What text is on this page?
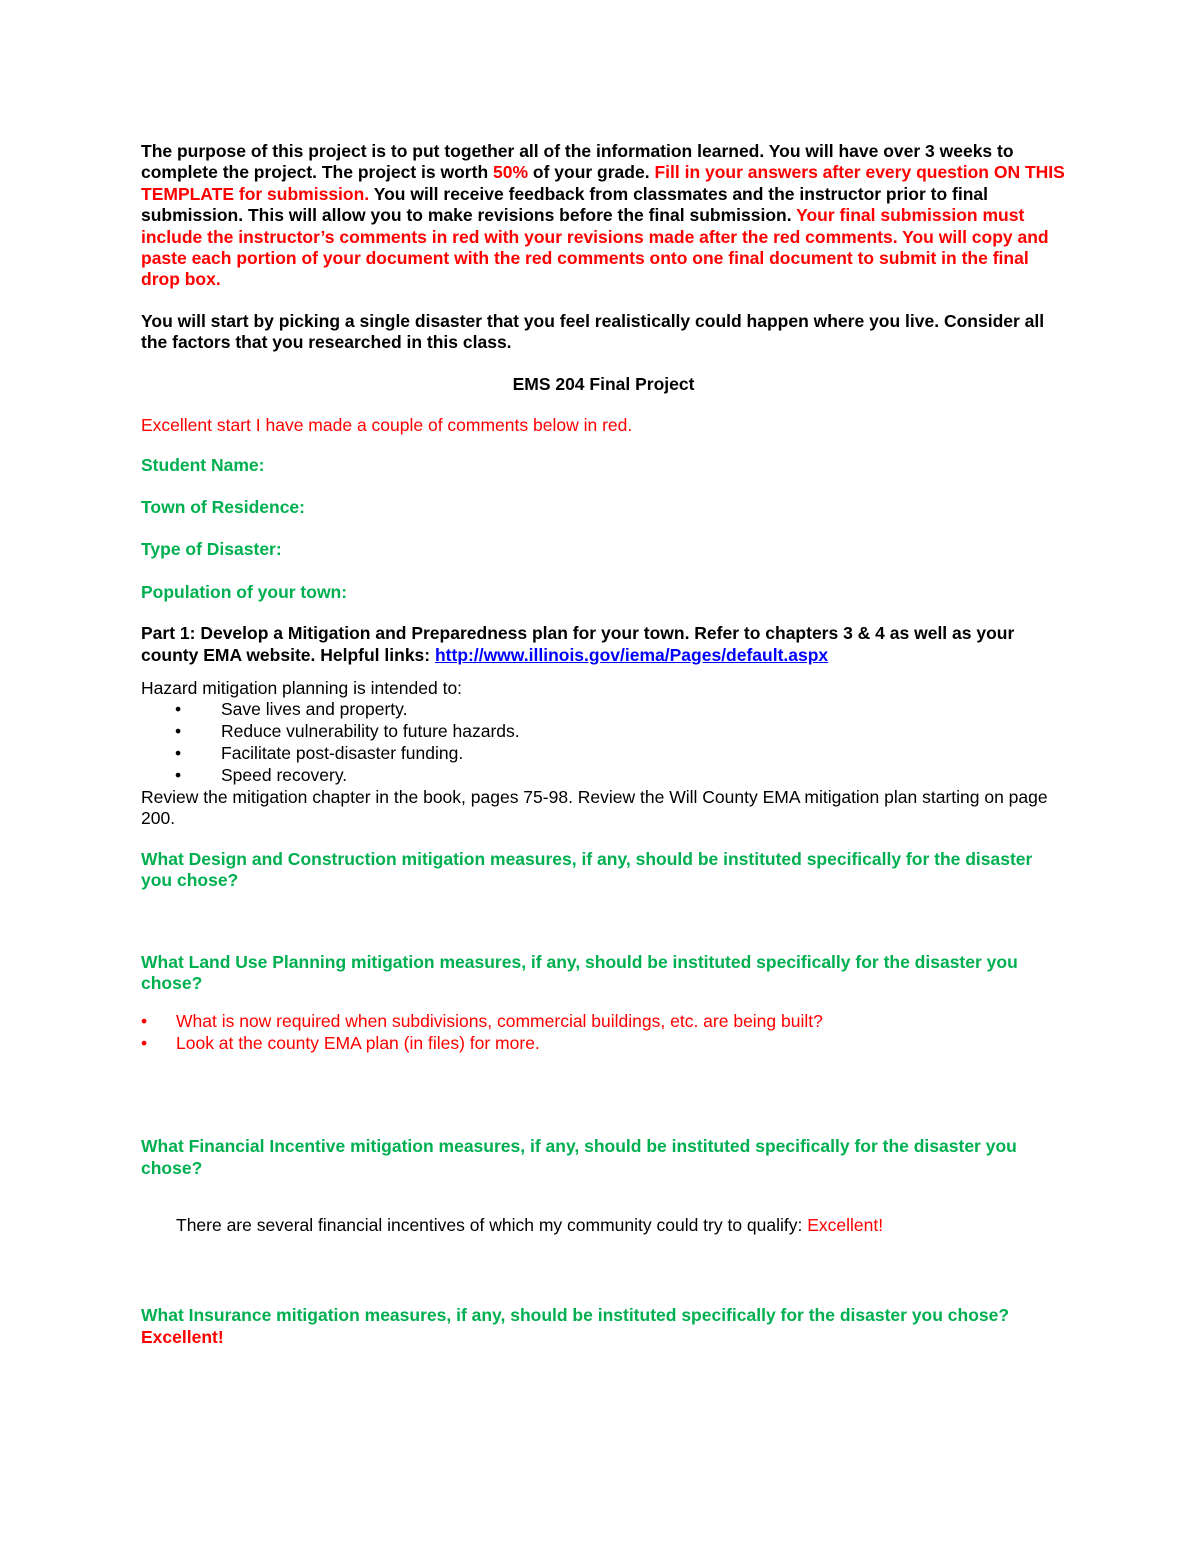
The purpose of this project is to put together all of the information learned. You will have over 3 weeks to complete the project. The project is worth 50% of your grade. Fill in your answers after every question ON THIS TEMPLATE for submission. You will receive feedback from classmates and the instructor prior to final submission. This will allow you to make revisions before the final submission. Your final submission must include the instructor’s comments in red with your revisions made after the red comments. You will copy and paste each portion of your document with the red comments onto one final document to submit in the final drop box.

You will start by picking a single disaster that you feel realistically could happen where you live. Consider all the factors that you researched in this class.

EMS 204 Final Project

Excellent start I have made a couple of comments below in red.

Student Name:

Town of Residence:

Type of Disaster:

Population of your town:

Part 1: Develop a Mitigation and Preparedness plan for your town. Refer to chapters 3 & 4 as well as your county EMA website. Helpful links: http://www.illinois.gov/iema/Pages/default.aspx

Hazard mitigation planning is intended to:

• Save lives and property.
• Reduce vulnerability to future hazards.
• Facilitate post-disaster funding.
• Speed recovery.

Review the mitigation chapter in the book, pages 75-98. Review the Will County EMA mitigation plan starting on page 200.

What Design and Construction mitigation measures, if any, should be instituted specifically for the disaster you chose?

What Land Use Planning mitigation measures, if any, should be instituted specifically for the disaster you chose?

• What is now required when subdivisions, commercial buildings, etc. are being built?
• Look at the county EMA plan (in files) for more.

What Financial Incentive mitigation measures, if any, should be instituted specifically for the disaster you chose?

There are several financial incentives of which my community could try to qualify: Excellent!

What Insurance mitigation measures, if any, should be instituted specifically for the disaster you chose? Excellent!
